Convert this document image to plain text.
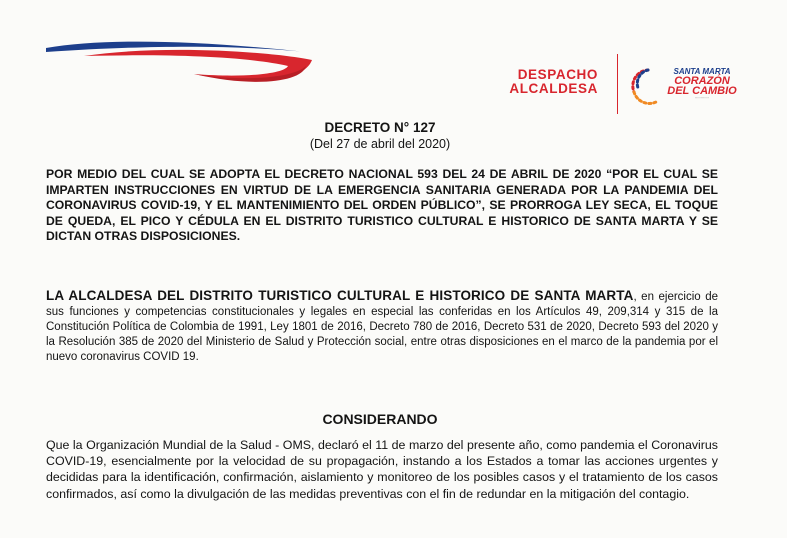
DESPACHO
ALCALDESA
SANTA MARTA
CORAZÓN
DEL CAMBIO
············
DECRETO N° 127
(Del 27 de abril del 2020)
POR MEDIO DEL CUAL SE ADOPTA EL DECRETO NACIONAL 593 DEL 24 DE ABRIL DE 2020 “POR EL CUAL SE IMPARTEN INSTRUCCIONES EN VIRTUD DE LA EMERGENCIA SANITARIA GENERADA POR LA PANDEMIA DEL CORONAVIRUS COVID-19, Y EL MANTENIMIENTO DEL ORDEN PÚBLICO”, SE PRORROGA LEY SECA, EL TOQUE DE QUEDA, EL PICO Y CÉDULA EN EL DISTRITO TURISTICO CULTURAL E HISTORICO DE SANTA MARTA Y SE DICTAN OTRAS DISPOSICIONES.
LA ALCALDESA DEL DISTRITO TURISTICO CULTURAL E HISTORICO DE SANTA MARTA, en ejercicio de sus funciones y competencias constitucionales y legales en especial las conferidas en los Artículos 49, 209,314 y 315 de la Constitución Política de Colombia de 1991, Ley 1801 de 2016, Decreto 780 de 2016, Decreto 531 de 2020, Decreto 593 del 2020 y la Resolución 385 de 2020 del Ministerio de Salud y Protección social, entre otras disposiciones en el marco de la pandemia por el nuevo coronavirus COVID 19.
CONSIDERANDO
Que la Organización Mundial de la Salud - OMS, declaró el 11 de marzo del presente año, como pandemia el Coronavirus COVID-19, esencialmente por la velocidad de su propagación, instando a los Estados a tomar las acciones urgentes y decididas para la identificación, confirmación, aislamiento y monitoreo de los posibles casos y el tratamiento de los casos confirmados, así como la divulgación de las medidas preventivas con el fin de redundar en la mitigación del contagio.
